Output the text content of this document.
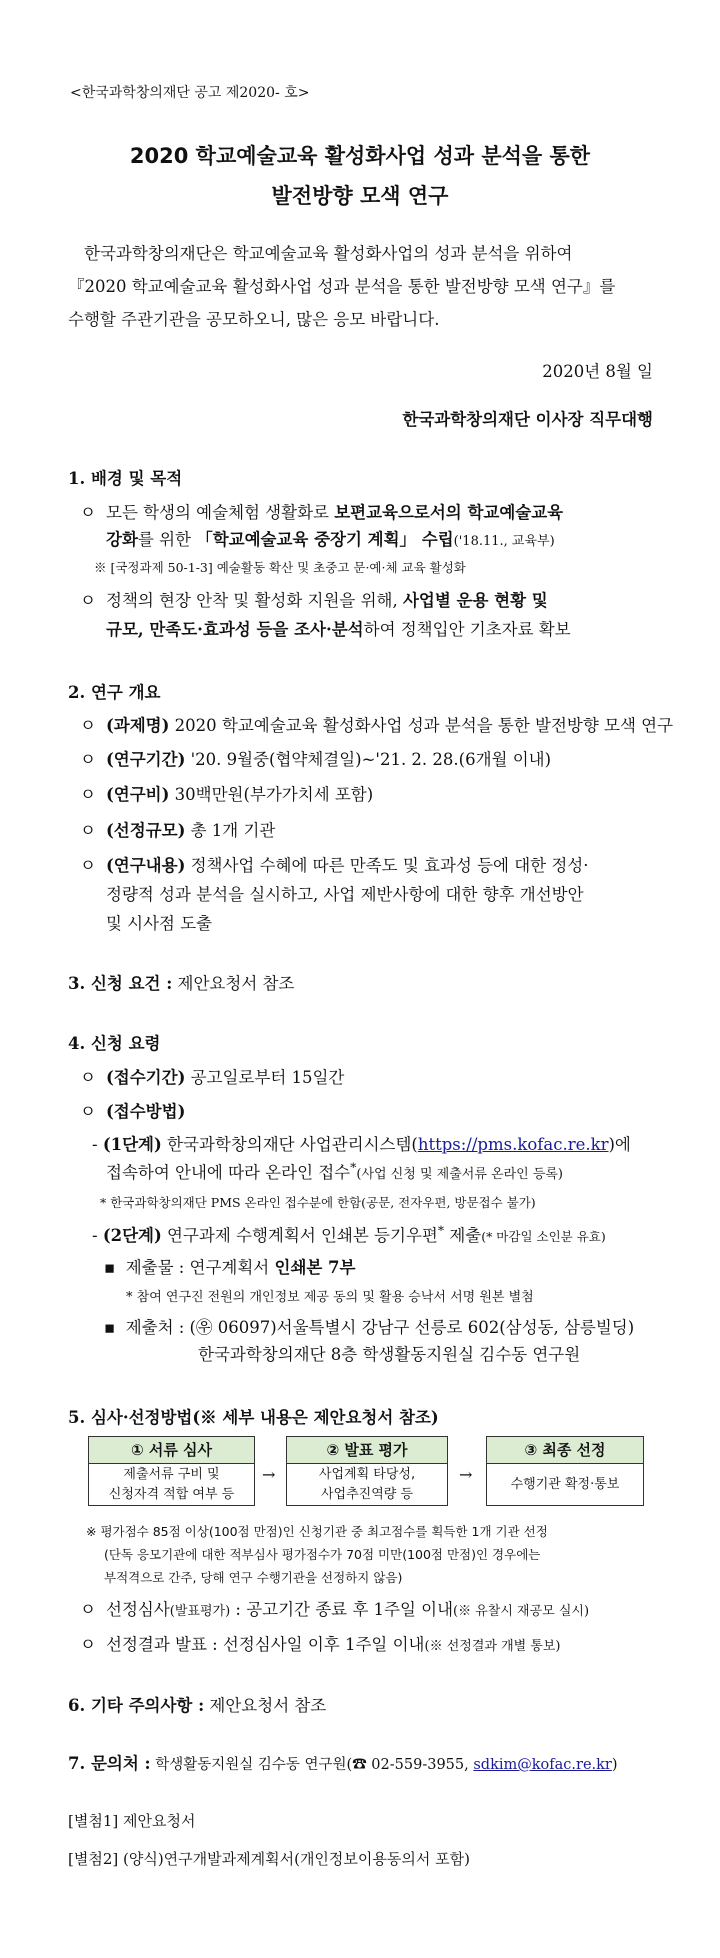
<한국과학창의재단 공고 제2020- 호>
2020 학교예술교육 활성화사업 성과 분석을 통한
발전방향 모색 연구

한국과학창의재단은 학교예술교육 활성화사업의 성과 분석을 위하여

『2020 학교예술교육 활성화사업 성과 분석을 통한 발전방향 모색 연구』를

수행할 주관기관을 공모하오니, 많은 응모 바랍니다.

2020년 8월 일
한국과학창의재단 이사장 직무대행
1. 배경 및 목적
ㅇ 모든 학생의 예술체험 생활화로 보편교육으로서의 학교예술교육
강화를 위한 「학교예술교육 중장기 계획」 수립('18.11., 교육부)
※ [국정과제 50-1-3] 예술활동 확산 및 초중고 문·예·체 교육 활성화
ㅇ 정책의 현장 안착 및 활성화 지원을 위해, 사업별 운용 현황 및
규모, 만족도·효과성 등을 조사·분석하여 정책입안 기초자료 확보
2. 연구 개요
ㅇ (과제명) 2020 학교예술교육 활성화사업 성과 분석을 통한 발전방향 모색 연구
ㅇ (연구기간) '20. 9월중(협약체결일)~'21. 2. 28.(6개월 이내)
ㅇ (연구비) 30백만원(부가가치세 포함)
ㅇ (선정규모) 총 1개 기관
ㅇ (연구내용) 정책사업 수혜에 따른 만족도 및 효과성 등에 대한 정성·
정량적 성과 분석을 실시하고, 사업 제반사항에 대한 향후 개선방안
및 시사점 도출
3. 신청 요건 : 제안요청서 참조
4. 신청 요령
ㅇ (접수기간) 공고일로부터 15일간
ㅇ (접수방법)
- (1단계) 한국과학창의재단 사업관리시스템(https://pms.kofac.re.kr)에
접속하여 안내에 따라 온라인 접수*(사업 신청 및 제출서류 온라인 등록)
* 한국과학창의재단 PMS 온라인 접수분에 한함(공문, 전자우편, 방문접수 불가)
- (2단계) 연구과제 수행계획서 인쇄본 등기우편* 제출(* 마감일 소인분 유효)
▪  제출물 : 연구계획서 인쇄본 7부
* 참여 연구진 전원의 개인정보 제공 동의 및 활용 승낙서 서명 원본 별첨
▪  제출처 : (㉾ 06097)서울특별시 강남구 선릉로 602(삼성동, 삼릉빌딩)
한국과학창의재단 8층 학생활동지원실 김수동 연구원
5. 심사·선정방법(※ 세부 내용은 제안요청서 참조)
① 서류 심사
제출서류 구비 및
신청자격 적합 여부 등
→
② 발표 평가
사업계획 타당성,
사업추진역량 등
→
③ 최종 선정
수행기관 확정·통보
※ 평가점수 85점 이상(100점 만점)인 신청기관 중 최고점수를 획득한 1개 기관 선정
(단독 응모기관에 대한 적부심사 평가점수가 70점 미만(100점 만점)인 경우에는
부적격으로 간주, 당해 연구 수행기관을 선정하지 않음)
ㅇ 선정심사(발표평가) : 공고기간 종료 후 1주일 이내(※ 유찰시 재공모 실시)
ㅇ 선정결과 발표 : 선정심사일 이후 1주일 이내(※ 선정결과 개별 통보)
6. 기타 주의사항 : 제안요청서 참조
7. 문의처 : 학생활동지원실 김수동 연구원(☎ 02-559-3955, sdkim@kofac.re.kr)
[별첨1] 제안요청서
[별첨2] (양식)연구개발과제계획서(개인정보이용동의서 포함)
